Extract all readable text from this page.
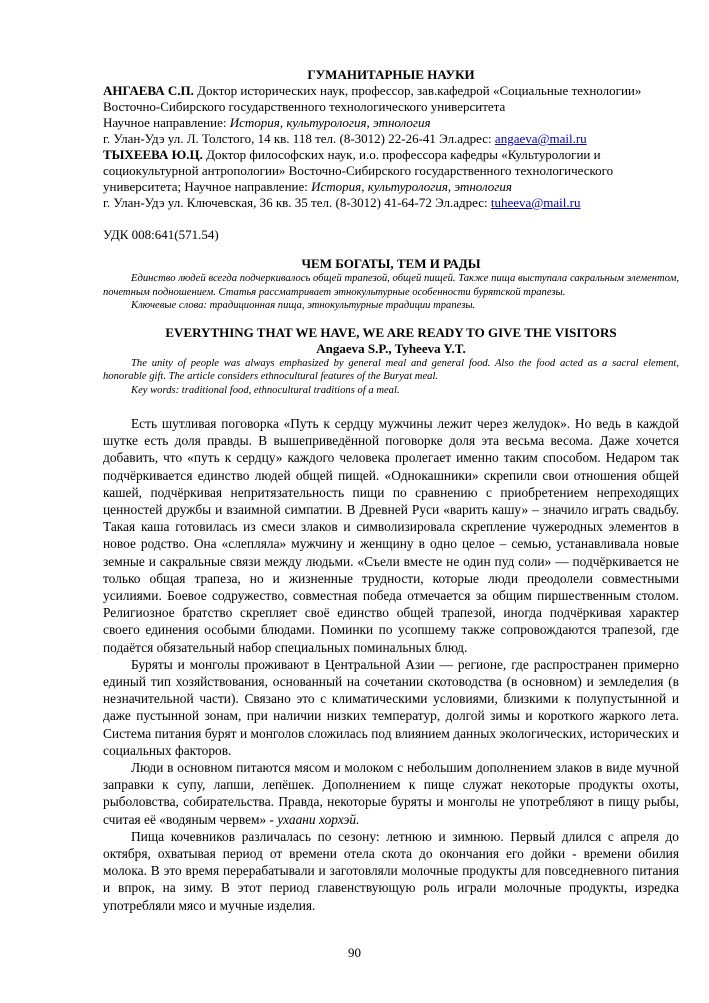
ГУМАНИТАРНЫЕ НАУКИ

АНГАЕВА С.П. Доктор исторических наук, профессор, зав.кафедрой «Социальные технологии» Восточно-Сибирского государственного технологического университета
Научное направление: История, культурология, этнология
г. Улан-Удэ ул. Л. Толстого, 14 кв. 118 тел. (8-3012) 22-26-41 Эл.адрес: angaeva@mail.ru

ТЫХЕЕВА Ю.Ц. Доктор философских наук, и.о. профессора кафедры «Культурологии и социокультурной антропологии» Восточно-Сибирского государственного технологического университета; Научное направление: История, культурология, этнология
г. Улан-Удэ ул. Ключевская, 36 кв. 35 тел. (8-3012) 41-64-72 Эл.адрес: tuheeva@mail.ru

УДК 008:641(571.54)

ЧЕМ БОГАТЫ, ТЕМ И РАДЫ

Единство людей всегда подчеркивалось общей трапезой, общей пищей. Также пища выступала сакральным элементом, почетным подношением. Статья рассматривает этнокультурные особенности бурятской трапезы.

Ключевые слова: традиционная пища, этнокультурные традиции трапезы.

EVERYTHING THAT WE HAVE, WE ARE READY TO GIVE THE VISITORS

Angaeva S.P., Tyheeva Y.T.

The unity of people was always emphasized by general meal and general food. Also the food acted as a sacral element, honorable gift. The article considers ethnocultural features of the Buryat meal.

Key words: traditional food, ethnocultural traditions of a meal.

Есть шутливая поговорка «Путь к сердцу мужчины лежит через желудок». Но ведь в каждой шутке есть доля правды. В вышеприведённой поговорке доля эта весьма весома. Даже хочется добавить, что «путь к сердцу» каждого человека пролегает именно таким способом. Недаром так подчёркивается единство людей общей пищей. «Однокашники» скрепили свои отношения общей кашей, подчёркивая непритязательность пищи по сравнению с приобретением непреходящих ценностей дружбы и взаимной симпатии. В Древней Руси «варить кашу» – значило играть свадьбу. Такая каша готовилась из смеси злаков и символизировала скрепление чужеродных элементов в новое родство. Она «слепляла» мужчину и женщину в одно целое – семью, устанавливала новые земные и сакральные связи между людьми. «Съели вместе не один пуд соли» — подчёркивается не только общая трапеза, но и жизненные трудности, которые люди преодолели совместными усилиями. Боевое содружество, совместная победа отмечается за общим пиршественным столом. Религиозное братство скрепляет своё единство общей трапезой, иногда подчёркивая характер своего единения особыми блюдами. Поминки по усопшему также сопровождаются трапезой, где подаётся обязательный набор специальных поминальных блюд.

Буряты и монголы проживают в Центральной Азии — регионе, где распространен примерно единый тип хозяйствования, основанный на сочетании скотоводства (в основном) и земледелия (в незначительной части). Связано это с климатическими условиями, близкими к полупустынной и даже пустынной зонам, при наличии низких температур, долгой зимы и короткого жаркого лета. Система питания бурят и монголов сложилась под влиянием данных экологических, исторических и социальных факторов.

Люди в основном питаются мясом и молоком с небольшим дополнением злаков в виде мучной заправки к супу, лапши, лепёшек. Дополнением к пище служат некоторые продукты охоты, рыболовства, собирательства. Правда, некоторые буряты и монголы не употребляют в пищу рыбы, считая её «водяным червем» - ухаани хорхэй.

Пища кочевников различалась по сезону: летнюю и зимнюю. Первый длился с апреля до октября, охватывая период от времени отела скота до окончания его дойки - времени обилия молока. В это время перерабатывали и заготовляли молочные продукты для повседневного питания и впрок, на зиму. В этот период главенствующую роль играли молочные продукты, изредка употребляли мясо и мучные изделия.

90
